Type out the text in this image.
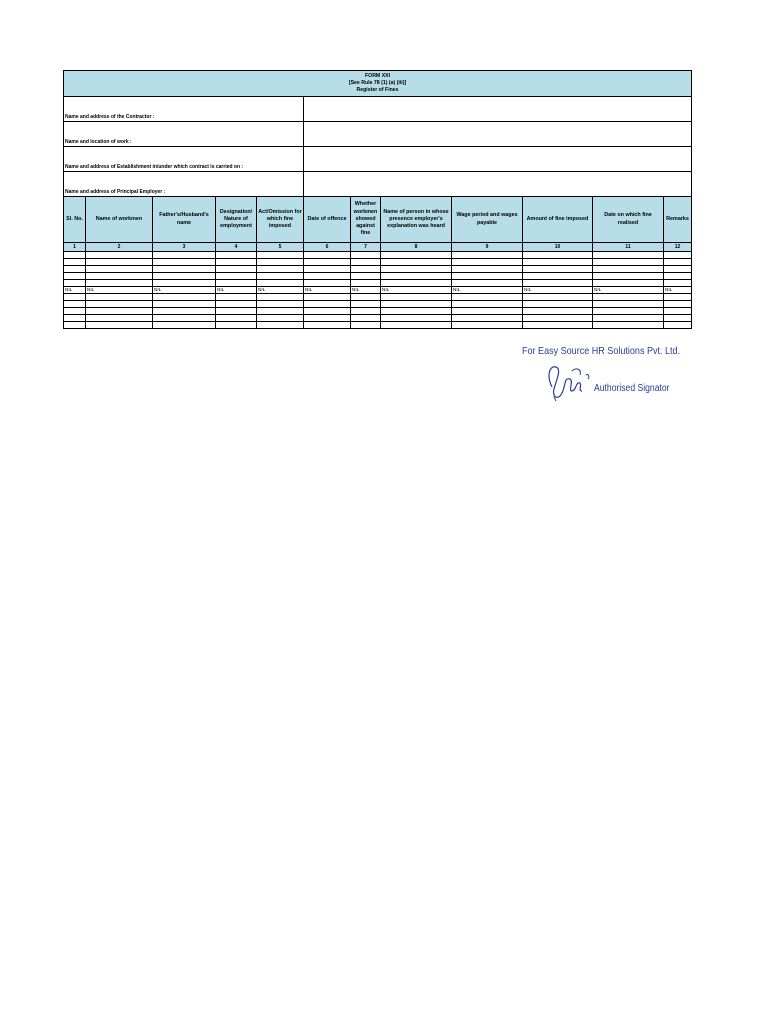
FORM XXI
[See Rule 78 (1) (a) (iii)]
Register of Fines											

Name and address of the Contractor :											
Name and location of work :											
Name and address of Establishment in/under which contract is carried on :											
Name and address of Principal Employer :											
Sl. No.	Name of workmen	Father's/Husband's name	Designation/ Nature of employment	Act/Omission for which fine imposed	Date of offence	Whether workmen showed against fine	Name of person in whose presence employer's explanation was heard	Wage period and wages payable	Amount of fine imposed	Date on which fine realised	Remarks
1	2	3	4	5	6	7	8	9	10	11	12

NIL	NIL	NIL	NIL	NIL	NIL	NIL	NIL	NIL	NIL	NIL	NIL

For Easy Source HR Solutions Pvt. Ltd.
Authorised Signator
